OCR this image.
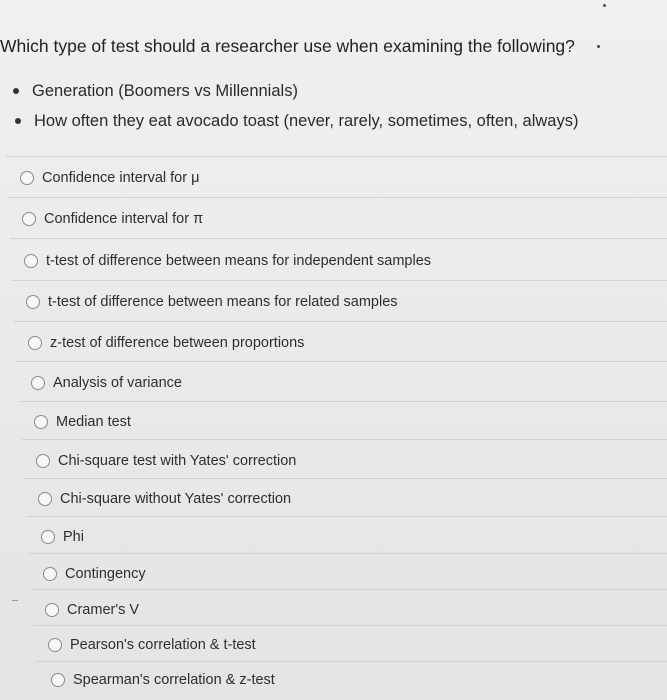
Which type of test should a researcher use when examining the following?
Generation (Boomers vs Millennials)
How often they eat avocado toast (never, rarely, sometimes, often, always)
Confidence interval for μ
Confidence interval for π
t-test of difference between means for independent samples
t-test of difference between means for related samples
z-test of difference between proportions
Analysis of variance
Median test
Chi-square test with Yates' correction
Chi-square without Yates' correction
Phi
Contingency
Cramer's V
Pearson's correlation & t-test
Spearman's correlation & z-test
